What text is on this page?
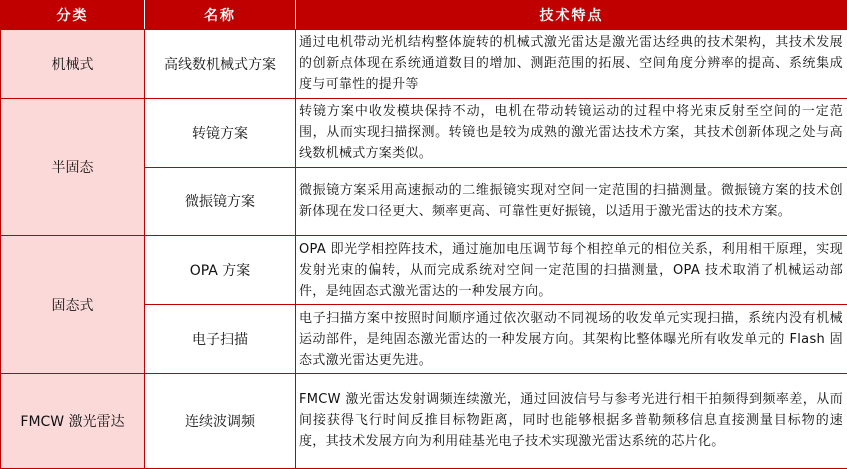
分类	名称	技术特点
机械式	高线数机械式方案	通过电机带动光机结构整体旋转的机械式激光雷达是激光雷达经典的技术架构，其技术发展的创新点体现在系统通道数目的增加、测距范围的拓展、空间角度分辨率的提高、系统集成度与可靠性的提升等
半固态	转镜方案	转镜方案中收发模块保持不动，电机在带动转镜运动的过程中将光束反射至空间的一定范围，从而实现扫描探测。转镜也是较为成熟的激光雷达技术方案，其技术创新体现之处与高线数机械式方案类似。
	微振镜方案	微振镜方案采用高速振动的二维振镜实现对空间一定范围的扫描测量。微振镜方案的技术创新体现在发口径更大、频率更高、可靠性更好振镜，以适用于激光雷达的技术方案。
固态式	OPA 方案	OPA 即光学相控阵技术，通过施加电压调节每个相控单元的相位关系，利用相干原理，实现发射光束的偏转，从而完成系统对空间一定范围的扫描测量，OPA 技术取消了机械运动部件，是纯固态式激光雷达的一种发展方向。
	电子扫描	电子扫描方案中按照时间顺序通过依次驱动不同视场的收发单元实现扫描，系统内没有机械运动部件，是纯固态激光雷达的一种发展方向。其架构比整体曝光所有收发单元的 Flash 固态式激光雷达更先进。
FMCW 激光雷达	连续波调频	FMCW 激光雷达发射调频连续激光，通过回波信号与参考光进行相干拍频得到频率差，从而间接获得飞行时间反推目标物距离，同时也能够根据多普勒频移信息直接测量目标物的速度，其技术发展方向为利用硅基光电子技术实现激光雷达系统的芯片化。
